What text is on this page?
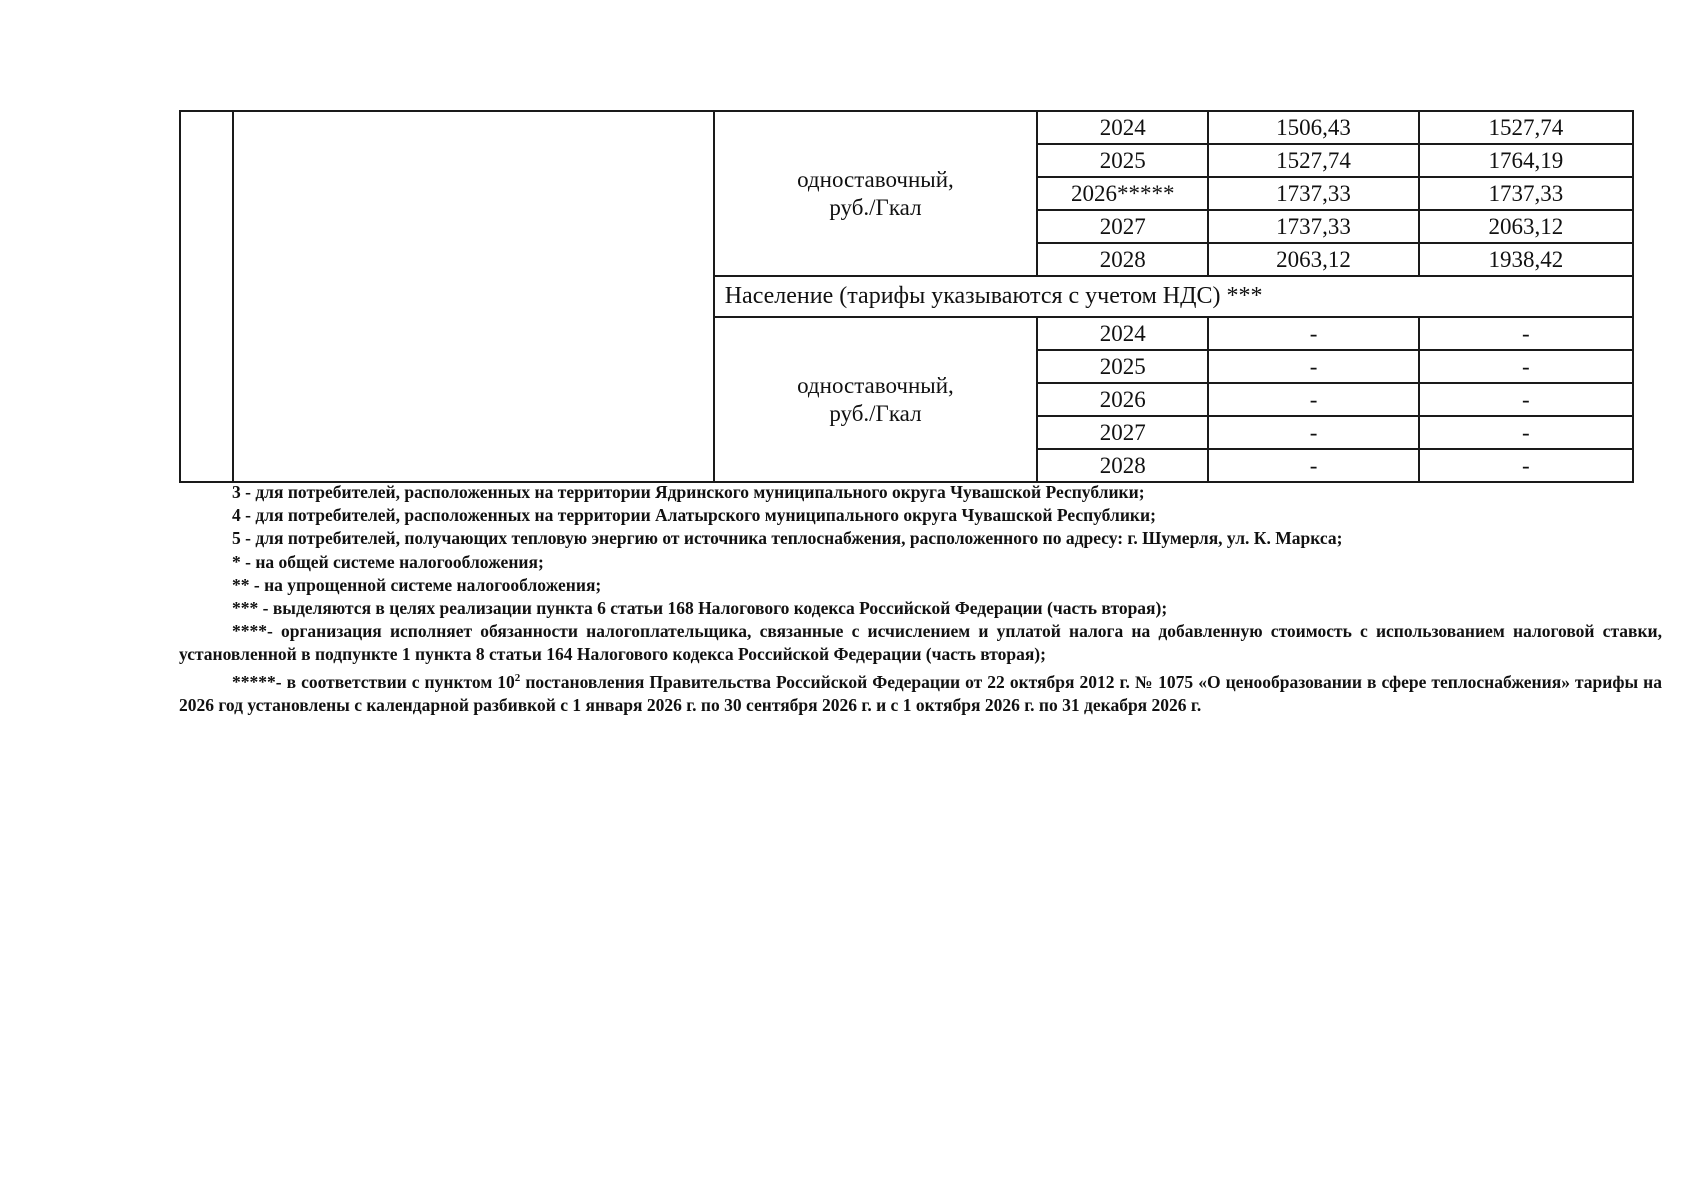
		одноставочный,
руб./Гкал	2024	1506,43	1527,74
			2025	1527,74	1764,19
			2026*****	1737,33	1737,33
			2027	1737,33	2063,12
			2028	2063,12	1938,42
		Население (тарифы указываются с учетом НДС) ***			

		одноставочный,
руб./Гкал	2024	-	-
			2025	-	-
			2026	-	-
			2027	-	-
			2028	-	-

3 - для потребителей, расположенных на территории Ядринского муниципального округа Чувашской Республики;

4 - для потребителей, расположенных на территории Алатырского муниципального округа Чувашской Республики;

5 - для потребителей, получающих тепловую энергию от источника теплоснабжения, расположенного по адресу: г. Шумерля, ул. К. Маркса;

* - на общей системе налогообложения;

** - на упрощенной системе налогообложения;

*** - выделяются в целях реализации пункта 6 статьи 168 Налогового кодекса Российской Федерации (часть вторая);

****- организация исполняет обязанности налогоплательщика, связанные с исчислением и уплатой налога на добавленную стоимость с использованием налоговой ставки, установленной в подпункте 1 пункта 8 статьи 164 Налогового кодекса Российской Федерации (часть вторая);

*****- в соответствии с пунктом $10^2$ постановления Правительства Российской Федерации от 22 октября 2012 г. № 1075 «О ценообразовании в сфере теплоснабжения» тарифы на 2026 год установлены с календарной разбивкой с 1 января 2026 г. по 30 сентября 2026 г. и с 1 октября 2026 г. по 31 декабря 2026 г.
